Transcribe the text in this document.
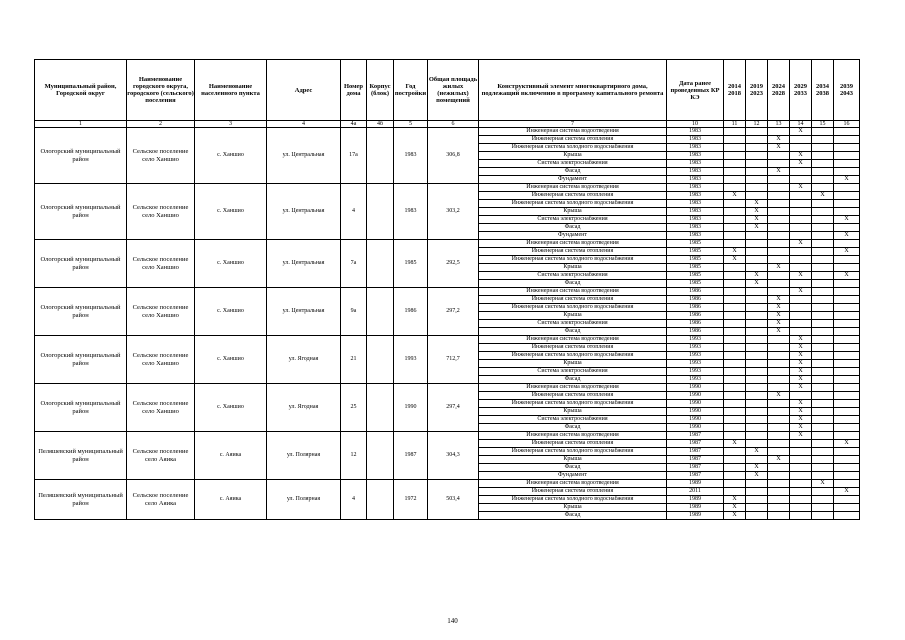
Муниципальный район, Городской округ	Наименование городского округа, городского (сельского) поселения	Наименование населенного пункта	Адрес	Номер дома	Корпус (блок)	Год постройки	Общая площадь жилых (нежилых) помещений	Конструктивный элемент многоквартирного дома, подлежащий включению в программу капитального ремонта	Дата ранее проведенных КР КЭ	2014 2018	2019 2023	2024 2028	2029 2033	2034 2038	2039 2043
1	2	3	4	4а	4б	5	6	7	10	11	12	13	14	15	16
Ологорский муниципальный район	Сельское поселение село Ханшио	с. Ханшио	ул. Центральная	17а		1983	306,8	Инженерная система водоотведения	1983				X		
								Инженерная система отопления	1983			X			
								Инженерная система холодного водоснабжения	1983			X			
								Крыша	1983				X		
								Система электроснабжения	1983				X		
								Фасад	1983			X			
								Фундамент	1983						X
Ологорский муниципальный район	Сельское поселение село Ханшио	с. Ханшио	ул. Центральная	4		1983	303,2	Инженерная система водоотведения	1983				X		
								Инженерная система отопления	1983	X				X	
								Инженерная система холодного водоснабжения	1983		X				
								Крыша	1983		X				
								Система электроснабжения	1983		X				X
								Фасад	1983		X				
								Фундамент	1983						X
Ологорский муниципальный район	Сельское поселение село Ханшио	с. Ханшио	ул. Центральная	7а		1985	292,5	Инженерная система водоотведения	1985				X		
								Инженерная система отопления	1985	X					X
								Инженерная система холодного водоснабжения	1985	X					
								Крыша	1985			X			
								Система электроснабжения	1985		X		X		X
								Фасад	1985		X				
Ологорский муниципальный район	Сельское поселение село Ханшио	с. Ханшио	ул. Центральная	9а		1986	297,2	Инженерная система водоотведения	1986				X		
								Инженерная система отопления	1986			X			
								Инженерная система холодного водоснабжения	1986			X			
								Крыша	1986			X			
								Система электроснабжения	1986			X			
								Фасад	1986			X			
Ологорский муниципальный район	Сельское поселение село Ханшио	с. Ханшио	ул. Ягодная	21		1993	712,7	Инженерная система водоотведения	1993				X		
								Инженерная система отопления	1993				X		
								Инженерная система холодного водоснабжения	1993				X		
								Крыша	1993				X		
								Система электроснабжения	1993				X		
								Фасад	1993				X		
Ологорский муниципальный район	Сельское поселение село Ханшио	с. Ханшио	ул. Ягодная	25		1990	297,4	Инженерная система водоотведения	1990				X		
								Инженерная система отопления	1990			X			
								Инженерная система холодного водоснабжения	1990				X		
								Крыша	1990				X		
								Система электроснабжения	1990				X		
								Фасад	1990				X		
Пеляшевский муниципальный район	Сельское поселение село Аяика	с. Аяика	ул. Полярная	12		1987	304,3	Инженерная система водоотведения	1987				X		
								Инженерная система отопления	1987	X					X
								Инженерная система холодного водоснабжения	1987		X				
								Крыша	1987			X			
								Фасад	1987		X				
								Фундамент	1987		X				
Пеляшевский муниципальный район	Сельское поселение село Аяика	с. Аяика	ул. Полярная	4		1972	503,4	Инженерная система водоотведения	1989					X	
								Инженерная система отопления	2011						X
								Инженерная система холодного водоснабжения	1989	X					
								Крыша	1989	X					
								Фасад	1989	X					
140
